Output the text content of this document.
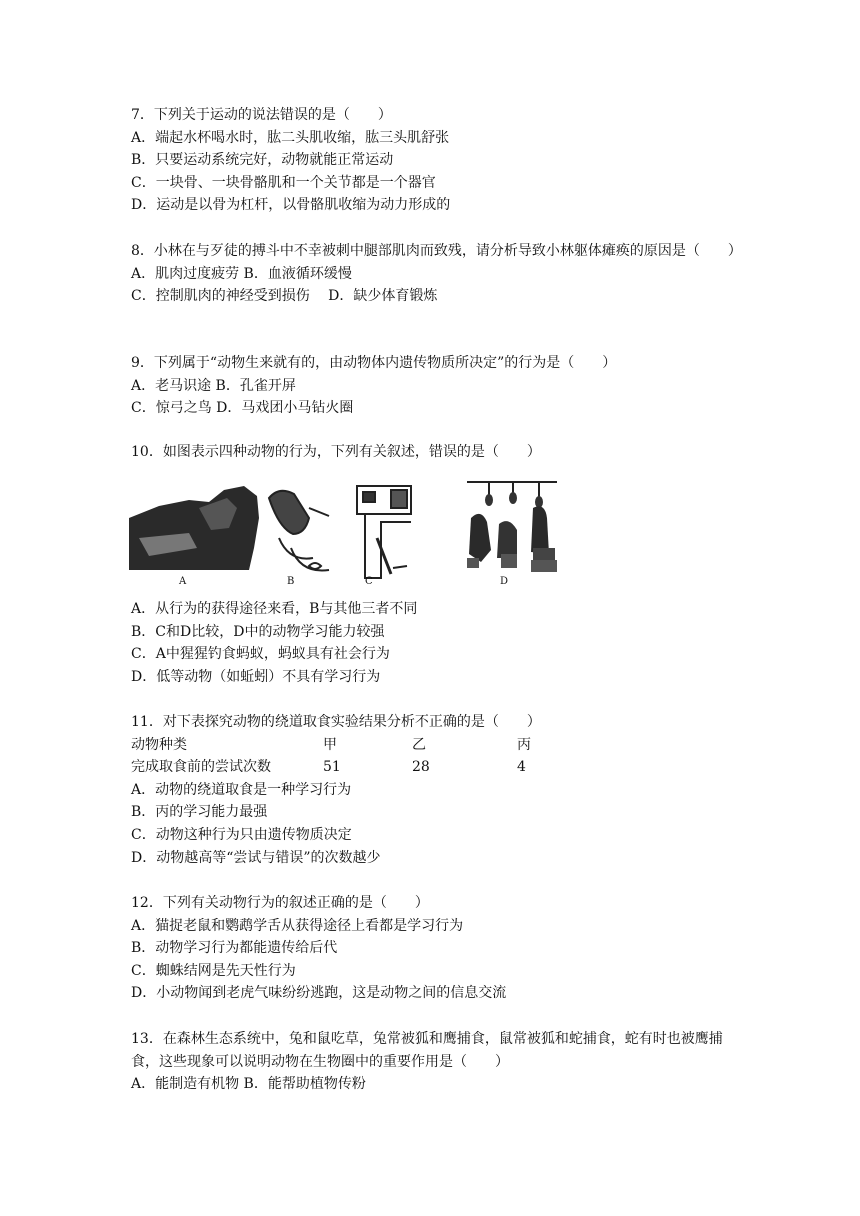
7．下列关于运动的说法错误的是（　　）
A．端起水杯喝水时，肱二头肌收缩，肱三头肌舒张
B．只要运动系统完好，动物就能正常运动
C．一块骨、一块骨骼肌和一个关节都是一个器官
D．运动是以骨为杠杆，以骨骼肌收缩为动力形成的
8．小林在与歹徒的搏斗中不幸被刺中腿部肌肉而致残，请分析导致小林躯体瘫痪的原因是（　　）
A．肌肉过度疲劳 B．血液循环缓慢
C．控制肌肉的神经受到损伤　 D．缺少体育锻炼
9．下列属于“动物生来就有的，由动物体内遗传物质所决定”的行为是（　　）
A．老马识途 B．孔雀开屏
C．惊弓之鸟 D．马戏团小马钻火圈
10．如图表示四种动物的行为，下列有关叙述，错误的是（　　）
A	B	C	D
A．从行为的获得途径来看，B与其他三者不同
B．C和D比较，D中的动物学习能力较强
C．A中猩猩钓食蚂蚁，蚂蚁具有社会行为
D．低等动物（如蚯蚓）不具有学习行为
11．对下表探究动物的绕道取食实验结果分析不正确的是（　　）
动物种类	甲	乙	丙
完成取食前的尝试次数	51	28	4
A．动物的绕道取食是一种学习行为
B．丙的学习能力最强
C．动物这种行为只由遗传物质决定
D．动物越高等“尝试与错误”的次数越少
12．下列有关动物行为的叙述正确的是（　　）
A．猫捉老鼠和鹦鹉学舌从获得途径上看都是学习行为
B．动物学习行为都能遗传给后代
C．蜘蛛结网是先天性行为
D．小动物闻到老虎气味纷纷逃跑，这是动物之间的信息交流
13．在森林生态系统中，兔和鼠吃草，兔常被狐和鹰捕食，鼠常被狐和蛇捕食，蛇有时也被鹰捕食，这些现象可以说明动物在生物圈中的重要作用是（　　）
A．能制造有机物 B．能帮助植物传粉
